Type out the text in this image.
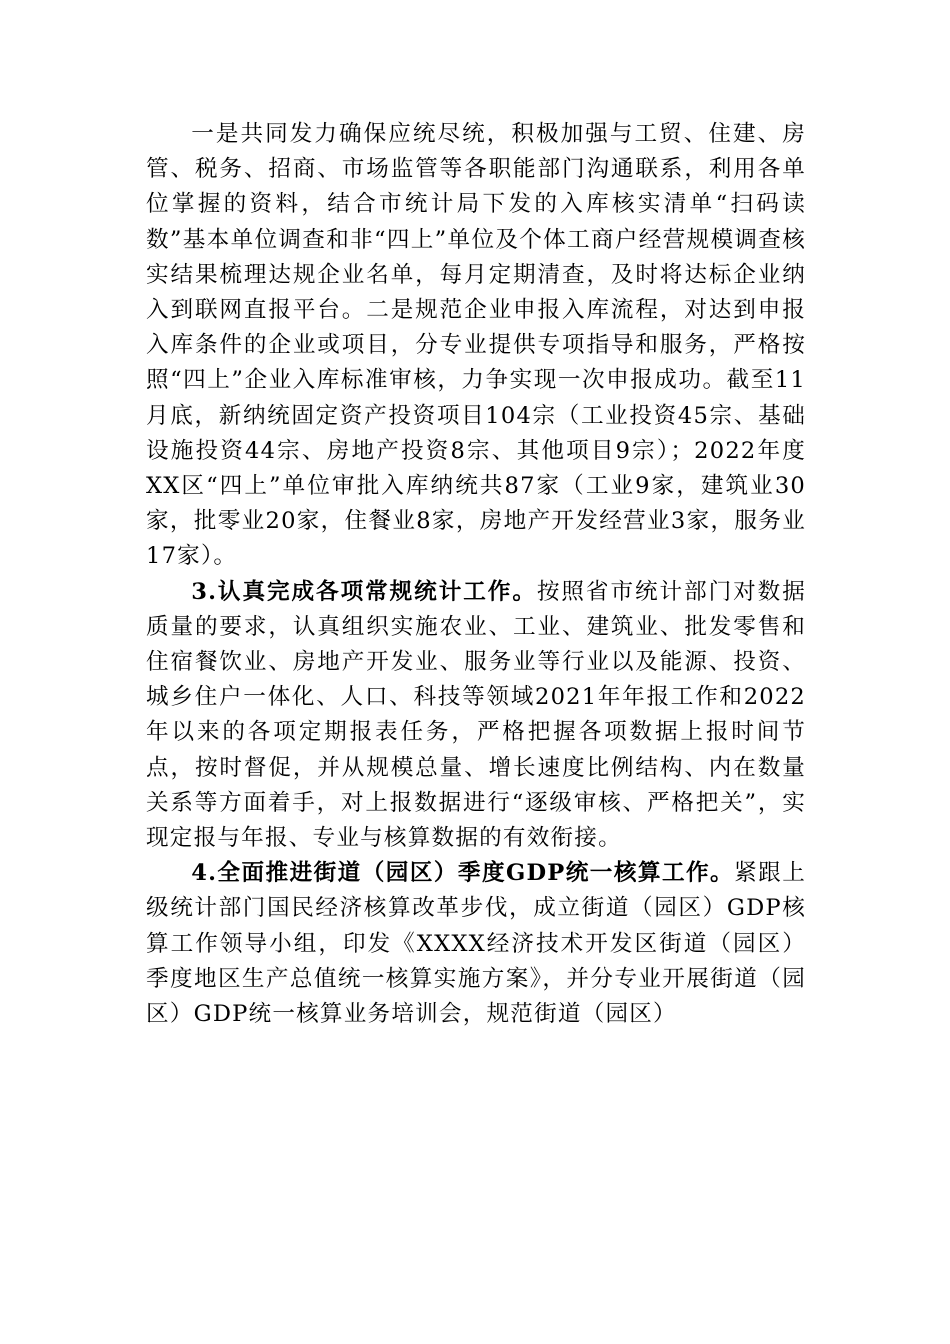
一是共同发力确保应统尽统，积极加强与工贸、住建、房管、税务、招商、市场监管等各职能部门沟通联系，利用各单位掌握的资料，结合市统计局下发的入库核实清单“扫码读数”基本单位调查和非“四上”单位及个体工商户经营规模调查核实结果梳理达规企业名单，每月定期清查，及时将达标企业纳入到联网直报平台。二是规范企业申报入库流程，对达到申报入库条件的企业或项目，分专业提供专项指导和服务，严格按照“四上”企业入库标准审核，力争实现一次申报成功。截至11月底，新纳统固定资产投资项目104宗（工业投资45宗、基础设施投资44宗、房地产投资8宗、其他项目9宗）；2022年度XX区“四上”单位审批入库纳统共87家（工业9家，建筑业30家，批零业20家，住餐业8家，房地产开发经营业3家，服务业17家）。

3.认真完成各项常规统计工作。按照省市统计部门对数据质量的要求，认真组织实施农业、工业、建筑业、批发零售和住宿餐饮业、房地产开发业、服务业等行业以及能源、投资、城乡住户一体化、人口、科技等领域2021年年报工作和2022年以来的各项定期报表任务，严格把握各项数据上报时间节点，按时督促，并从规模总量、增长速度比例结构、内在数量关系等方面着手，对上报数据进行“逐级审核、严格把关”，实现定报与年报、专业与核算数据的有效衔接。

4.全面推进街道（园区）季度GDP统一核算工作。紧跟上级统计部门国民经济核算改革步伐，成立街道（园区）GDP核算工作领导小组，印发《XXXX经济技术开发区街道（园区）季度地区生产总值统一核算实施方案》，并分专业开展街道（园区）GDP统一核算业务培训会，规范街道（园区）
